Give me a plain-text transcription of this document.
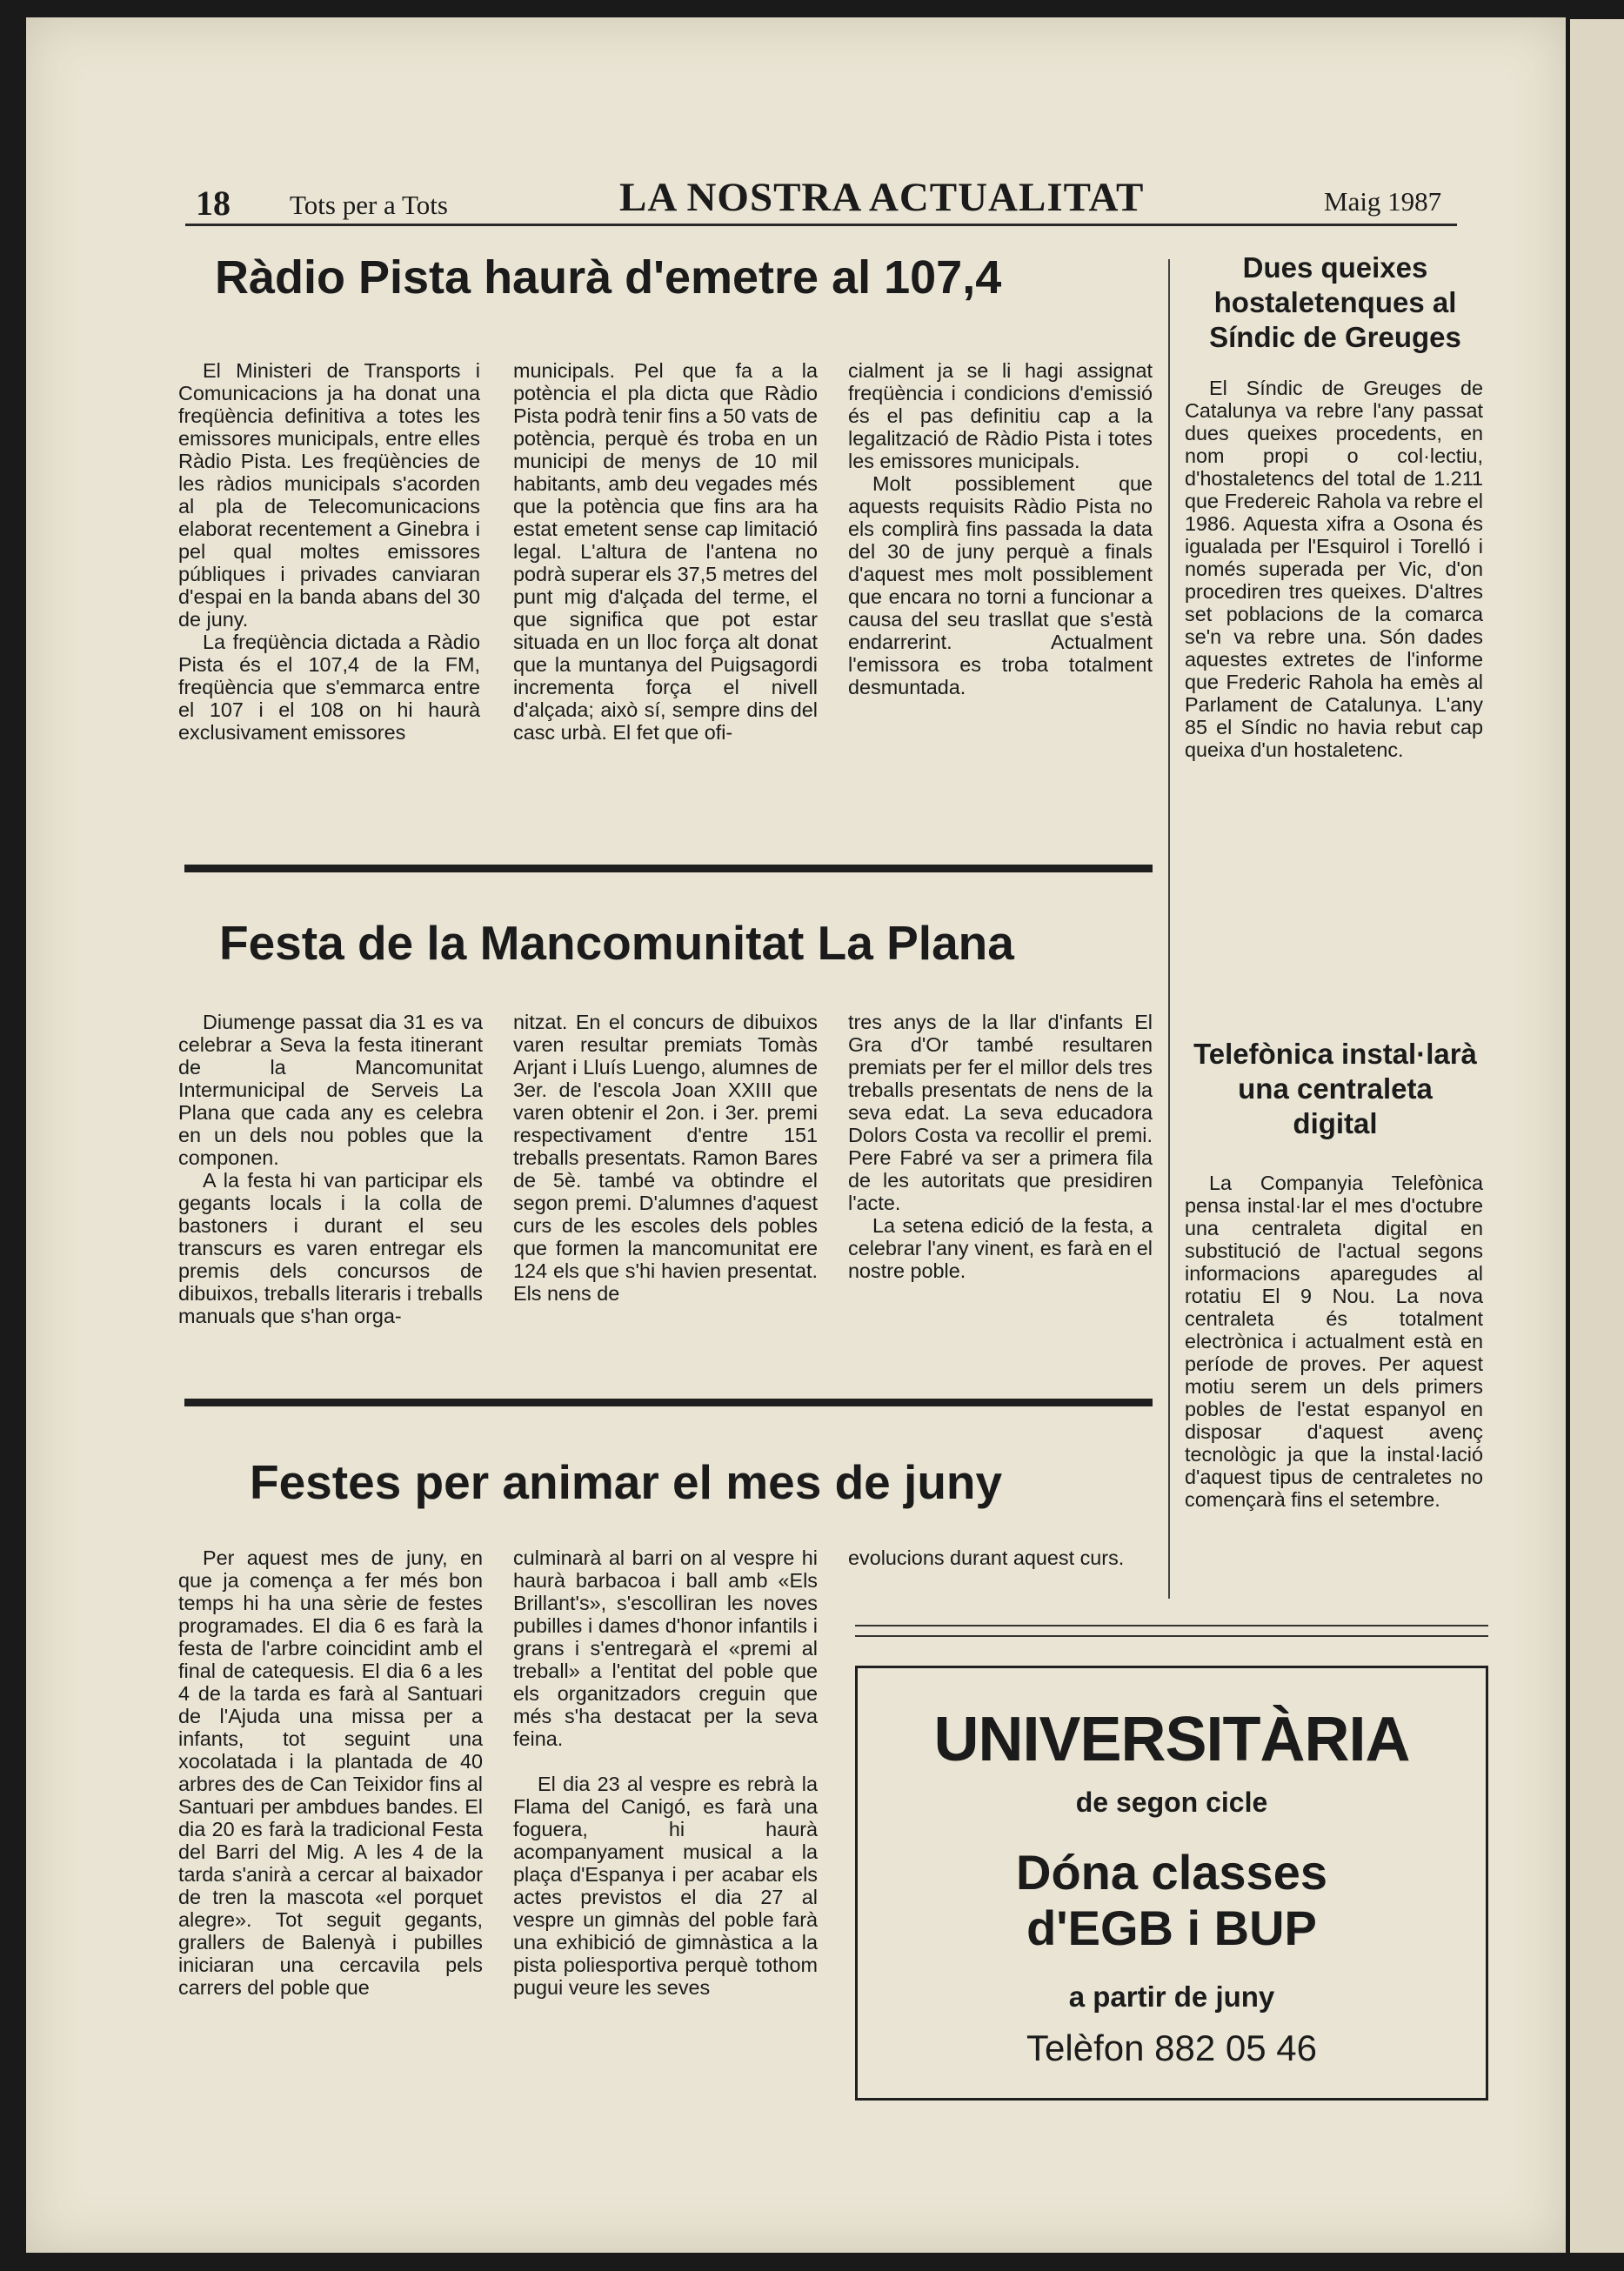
18 Tots per a Tots	LA NOSTRA ACTUALITAT	Maig 1987
Ràdio Pista haurà d'emetre al 107,4

El Ministeri de Transports i Comunicacions ja ha donat una freqüència definitiva a totes les emissores municipals, entre elles Ràdio Pista. Les freqüències de les ràdios municipals s'acorden al pla de Telecomunicacions elaborat recentement a Ginebra i pel qual moltes emissores públiques i privades canviaran d'espai en la banda abans del 30 de juny.

La freqüència dictada a Ràdio Pista és el 107,4 de la FM, freqüència que s'emmarca entre el 107 i el 108 on hi haurà exclusivament emissores

municipals. Pel que fa a la potència el pla dicta que Ràdio Pista podrà tenir fins a 50 vats de potència, perquè és troba en un municipi de menys de 10 mil habitants, amb deu vegades més que la potència que fins ara ha estat emetent sense cap limitació legal. L'altura de l'antena no podrà superar els 37,5 metres del punt mig d'alçada del terme, el que significa que pot estar situada en un lloc força alt donat que la muntanya del Puigsagordi incrementa força el nivell d'alçada; això sí, sempre dins del casc urbà. El fet que ofi-

cialment ja se li hagi assignat freqüència i condicions d'emissió és el pas definitiu cap a la legalització de Ràdio Pista i totes les emissores municipals.

Molt possiblement que aquests requisits Ràdio Pista no els complirà fins passada la data del 30 de juny perquè a finals d'aquest mes molt possiblement que encara no torni a funcionar a causa del seu trasllat que s'està endarrerint. Actualment l'emissora es troba totalment desmuntada.

Dues queixes hostaletenques al Síndic de Greuges

El Síndic de Greuges de Catalunya va rebre l'any passat dues queixes procedents, en nom propi o col·lectiu, d'hostaletencs del total de 1.211 que Fredereic Rahola va rebre el 1986. Aquesta xifra a Osona és igualada per l'Esquirol i Torelló i només superada per Vic, d'on procediren tres queixes. D'altres set poblacions de la comarca se'n va rebre una. Són dades aquestes extretes de l'informe que Frederic Rahola ha emès al Parlament de Catalunya. L'any 85 el Síndic no havia rebut cap queixa d'un hostaletenc.

Festa de la Mancomunitat La Plana

Diumenge passat dia 31 es va celebrar a Seva la festa itinerant de la Mancomunitat Intermunicipal de Serveis La Plana que cada any es celebra en un dels nou pobles que la componen.

A la festa hi van participar els gegants locals i la colla de bastoners i durant el seu transcurs es varen entregar els premis dels concursos de dibuixos, treballs literaris i treballs manuals que s'han orga-

nitzat. En el concurs de dibuixos varen resultar premiats Tomàs Arjant i Lluís Luengo, alumnes de 3er. de l'escola Joan XXIII que varen obtenir el 2on. i 3er. premi respectivament d'entre 151 treballs presentats. Ramon Bares de 5è. també va obtindre el segon premi. D'alumnes d'aquest curs de les escoles dels pobles que formen la mancomunitat ere 124 els que s'hi havien presentat. Els nens de

tres anys de la llar d'infants El Gra d'Or també resultaren premiats per fer el millor dels tres treballs presentats de nens de la seva edat. La seva educadora Dolors Costa va recollir el premi. Pere Fabré va ser a primera fila de les autoritats que presidiren l'acte.

La setena edició de la festa, a celebrar l'any vinent, es farà en el nostre poble.

Telefònica instal·larà una centraleta digital

La Companyia Telefònica pensa instal·lar el mes d'octubre una centraleta digital en substitució de l'actual segons informacions aparegudes al rotatiu El 9 Nou. La nova centraleta és totalment electrònica i actualment està en període de proves. Per aquest motiu serem un dels primers pobles de l'estat espanyol en disposar d'aquest avenç tecnològic ja que la instal·lació d'aquest tipus de centraletes no començarà fins el setembre.

Festes per animar el mes de juny

Per aquest mes de juny, en que ja comença a fer més bon temps hi ha una sèrie de festes programades. El dia 6 es farà la festa de l'arbre coincidint amb el final de catequesis. El dia 6 a les 4 de la tarda es farà al Santuari de l'Ajuda una missa per a infants, tot seguint una xocolatada i la plantada de 40 arbres des de Can Teixidor fins al Santuari per ambdues bandes. El dia 20 es farà la tradicional Festa del Barri del Mig. A les 4 de la tarda s'anirà a cercar al baixador de tren la mascota «el porquet alegre». Tot seguit gegants, grallers de Balenyà i pubilles iniciaran una cercavila pels carrers del poble que

culminarà al barri on al vespre hi haurà barbacoa i ball amb «Els Brillant's», s'escolliran les noves pubilles i dames d'honor infantils i grans i s'entregarà el «premi al treball» a l'entitat del poble que els organitzadors creguin que més s'ha destacat per la seva feina.

El dia 23 al vespre es rebrà la Flama del Canigó, es farà una foguera, hi haurà acompanyament musical a la plaça d'Espanya i per acabar els actes previstos el dia 27 al vespre un gimnàs del poble farà una exhibició de gimnàstica a la pista poliesportiva perquè tothom pugui veure les seves

evolucions durant aquest curs.

UNIVERSITÀRIA
de segon cicle
Dóna classes
d'EGB i BUP
a partir de juny
Telèfon 882 05 46
